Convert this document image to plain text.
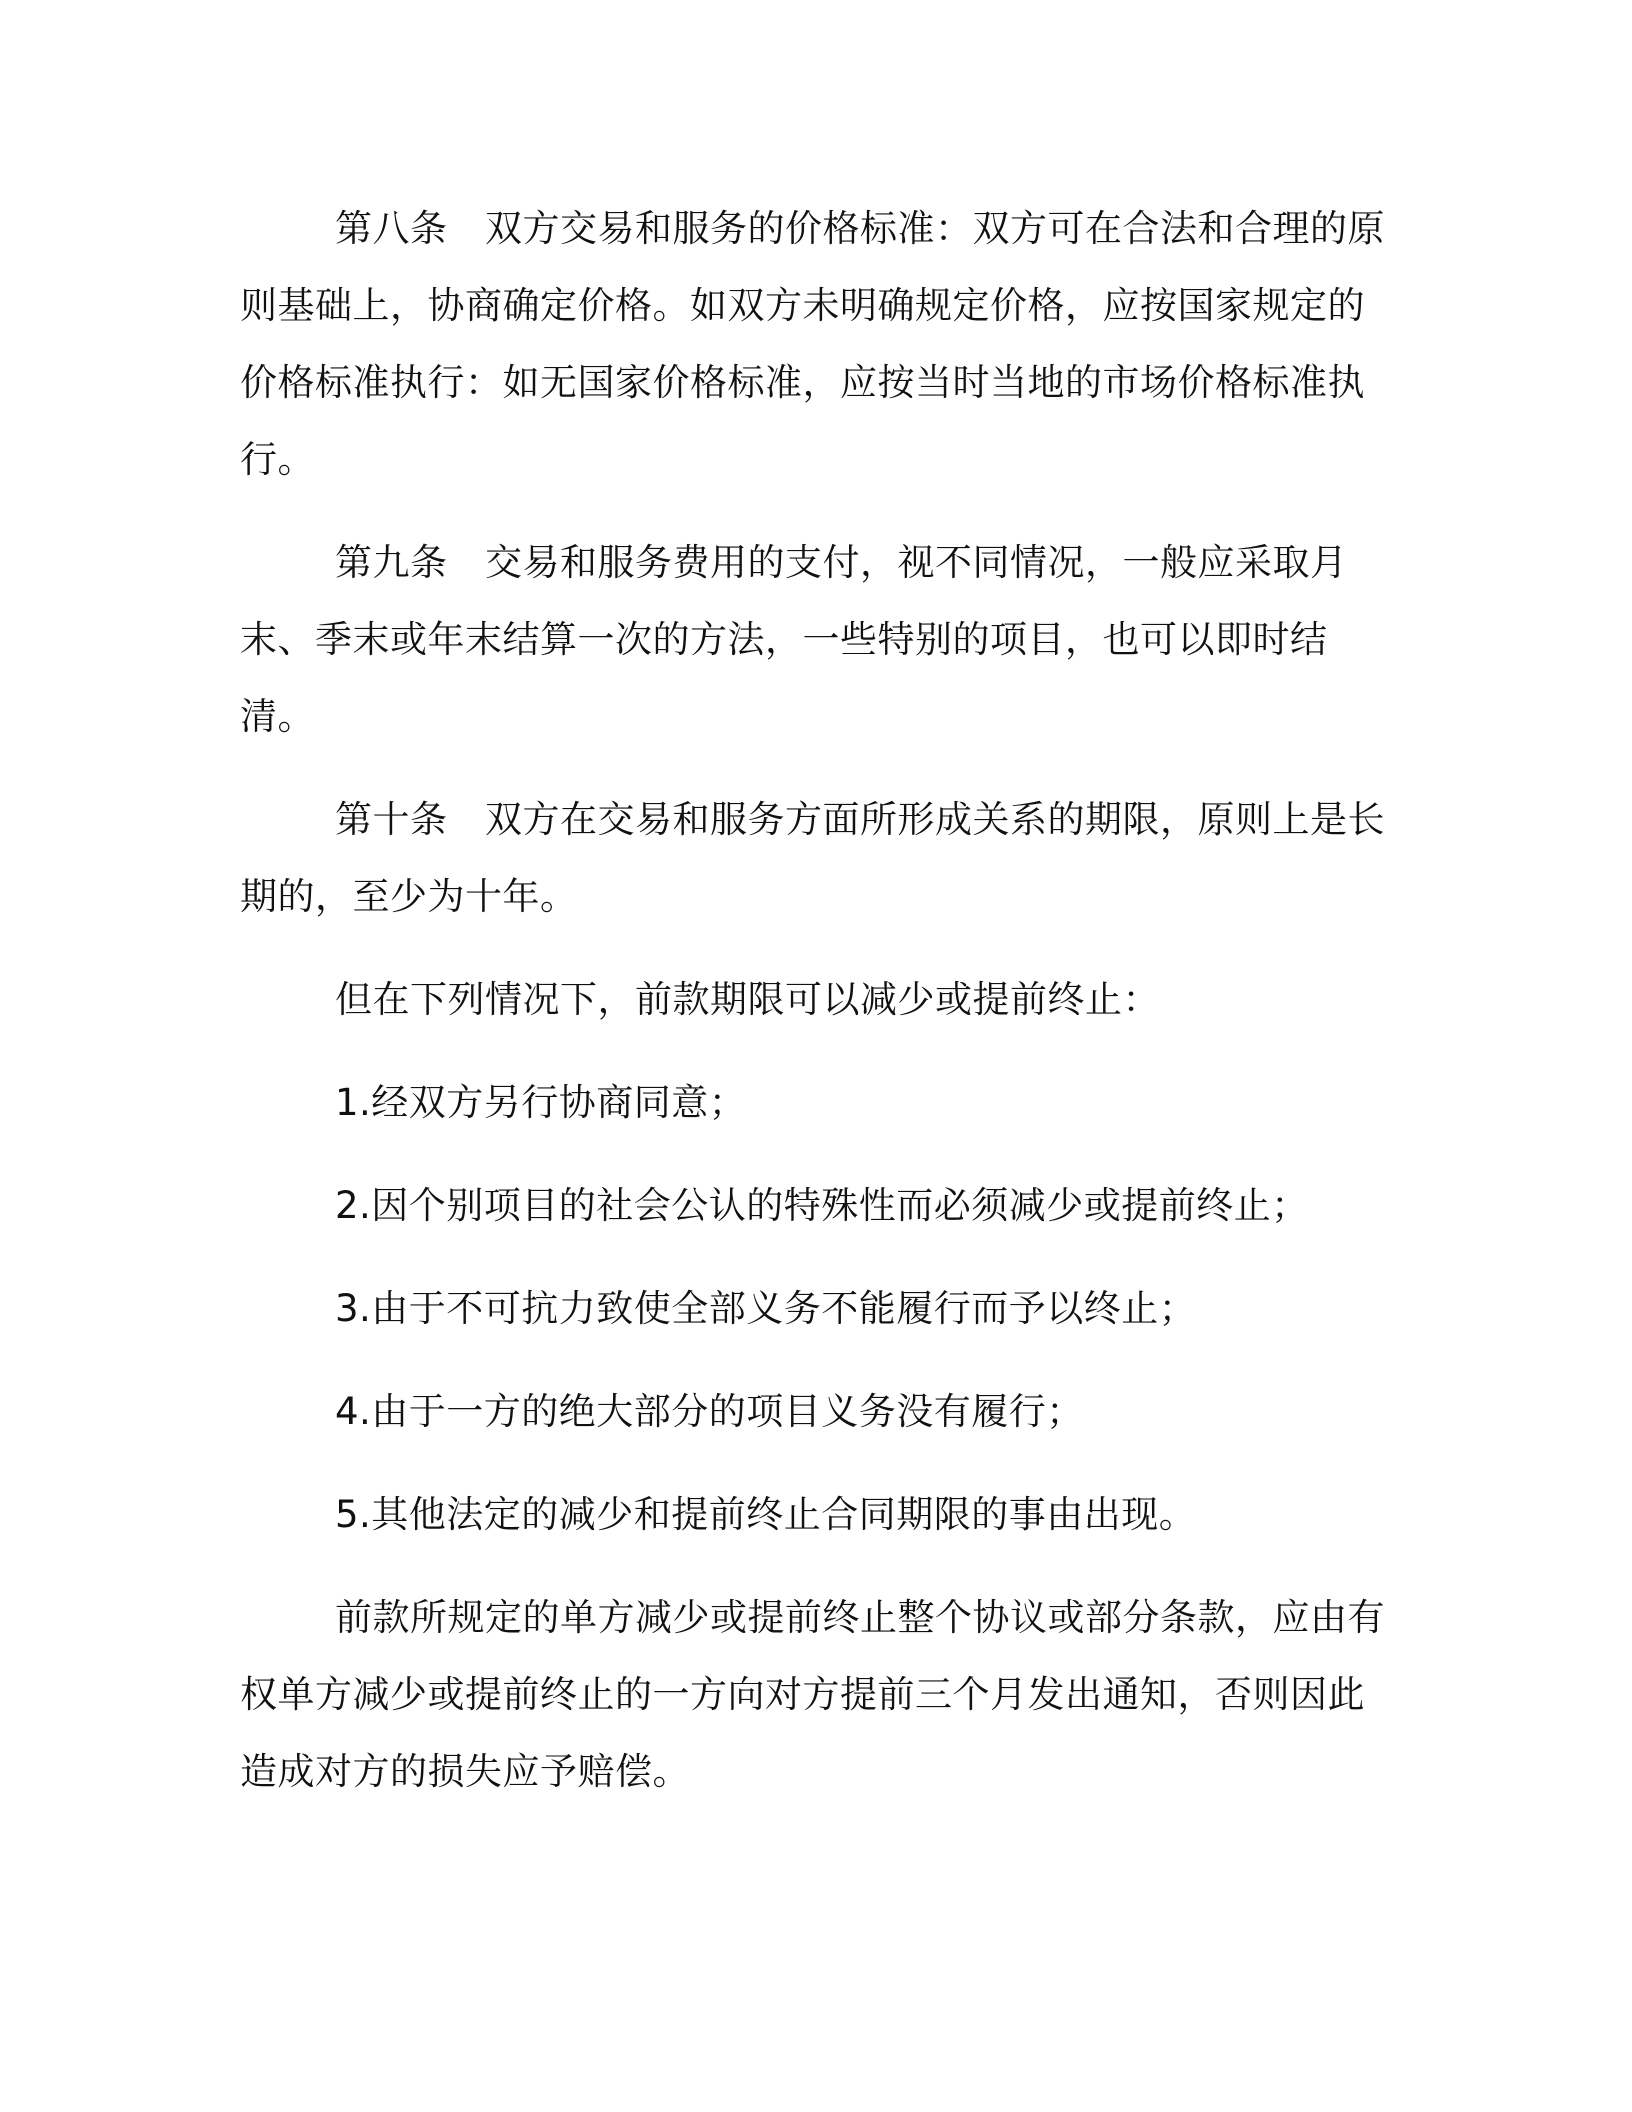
第八条　双方交易和服务的价格标准：双方可在合法和合理的原则基础上，协商确定价格。如双方未明确规定价格，应按国家规定的价格标准执行：如无国家价格标准，应按当时当地的市场价格标准执行。

第九条　交易和服务费用的支付，视不同情况，一般应采取月末、季末或年末结算一次的方法，一些特别的项目，也可以即时结清。

第十条　双方在交易和服务方面所形成关系的期限，原则上是长期的，至少为十年。

但在下列情况下，前款期限可以减少或提前终止：

1.经双方另行协商同意；

2.因个别项目的社会公认的特殊性而必须减少或提前终止；

3.由于不可抗力致使全部义务不能履行而予以终止；

4.由于一方的绝大部分的项目义务没有履行；

5.其他法定的减少和提前终止合同期限的事由出现。

前款所规定的单方减少或提前终止整个协议或部分条款，应由有权单方减少或提前终止的一方向对方提前三个月发出通知，否则因此造成对方的损失应予赔偿。
